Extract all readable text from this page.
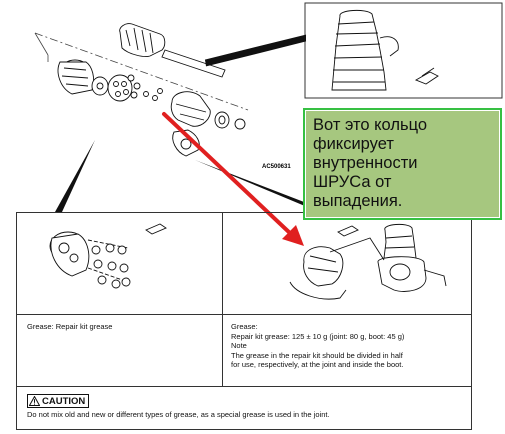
AC500631
Grease: Repair kit grease	Grease:
Repair kit grease: 125 ± 10 g (joint: 80 g, boot: 45 g)
Note
The grease in the repair kit should be divided in half
for use, respectively, at the joint and inside the boot.
CAUTION
Do not mix old and new or different types of grease, as a special grease is used in the joint.
Вот это кольцо
фиксирует
внутренности
ШРУСа от
выпадения.
